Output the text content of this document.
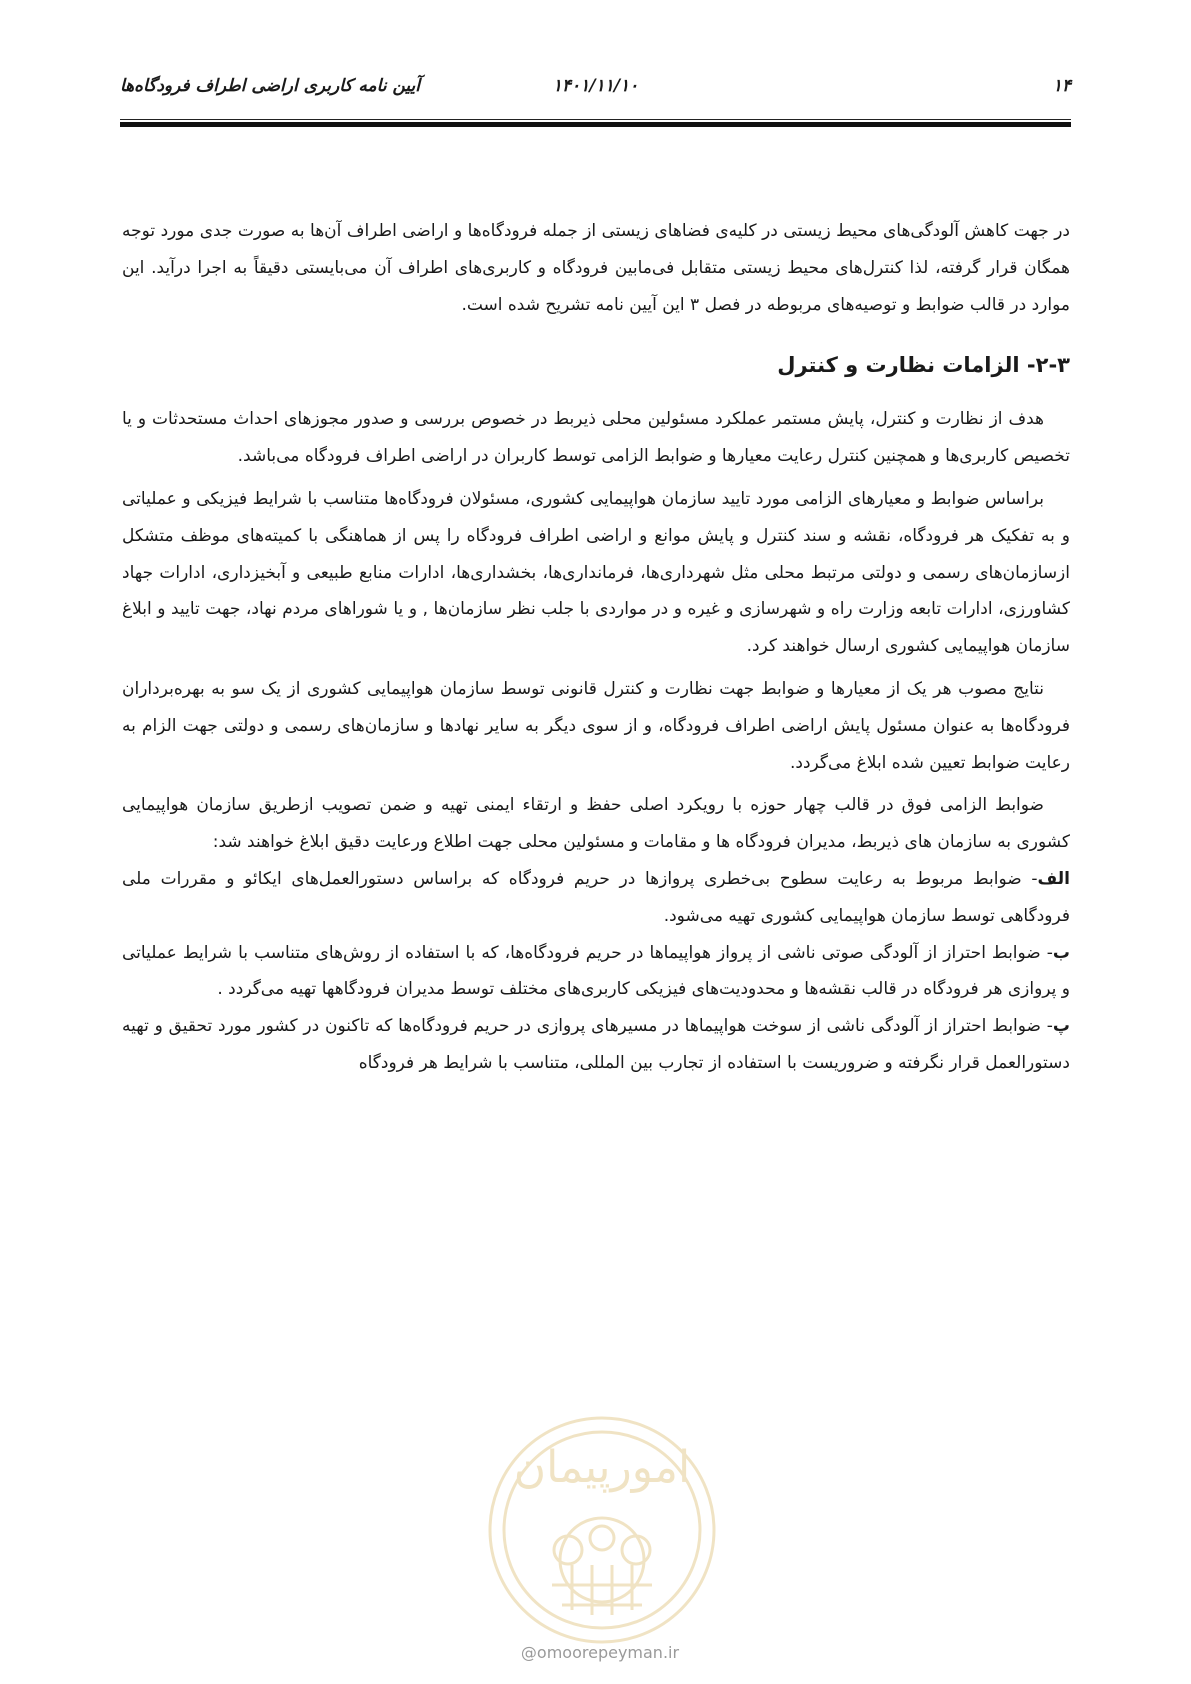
۱۴
۱۴۰۱/۱۱/۱۰
آیین نامه کاربری اراضی اطراف فرودگاه‌ها

در جهت کاهش آلودگی‌های محیط زیستی در کلیه‌ی فضاهای زیستی از جمله فرودگاه‌ها و اراضی اطراف آن‌ها به صورت جدی مورد توجه همگان قرار گرفته، لذا کنترل‌های محیط زیستی متقابل فی‌مابین فرودگاه و کاربری‌های اطراف آن می‌بایستی دقیقاً به اجرا درآید. این موارد در قالب ضوابط و توصیه‌های مربوطه در فصل ۳ این آیین نامه تشریح شده است.

۲-۳- الزامات نظارت و کنترل

هدف از نظارت و کنترل، پایش مستمر عملکرد مسئولین محلی ذیربط در خصوص بررسی و صدور مجوزهای احداث مستحدثات و یا تخصیص کاربری‌ها و همچنین کنترل رعایت معیارها و ضوابط الزامی توسط کاربران در اراضی اطراف فرودگاه می‌باشد.

براساس ضوابط و معیارهای الزامی مورد تایید سازمان هواپیمایی کشوری، مسئولان فرودگاه‌ها متناسب با شرایط فیزیکی و عملیاتی و به تفکیک هر فرودگاه، نقشه و سند کنترل و پایش موانع و اراضی اطراف فرودگاه را پس از هماهنگی با کمیته‌های موظف متشکل ازسازمان‌های رسمی و دولتی مرتبط محلی مثل شهرداری‌ها، فرمانداری‌ها، بخشداری‌ها، ادارات منابع طبیعی و آبخیزداری، ادارات جهاد کشاورزی، ادارات تابعه وزارت راه و شهرسازی و غیره و در مواردی با جلب نظر سازمان‌ها , و یا شوراهای مردم نهاد، جهت تایید و ابلاغ سازمان هواپیمایی کشوری ارسال خواهند کرد.

نتایج مصوب هر یک از معیارها و ضوابط جهت نظارت و کنترل قانونی توسط سازمان هواپیمایی کشوری از یک سو به بهره‌برداران فرودگاه‌ها به عنوان مسئول پایش اراضی اطراف فرودگاه، و از سوی دیگر به سایر نهادها و سازمان‌های رسمی و دولتی جهت الزام به رعایت ضوابط تعیین شده ابلاغ می‌گردد.

ضوابط الزامی فوق در قالب چهار حوزه با رویکرد اصلی حفظ و ارتقاء ایمنی تهیه و ضمن تصویب ازطریق سازمان هواپیمایی کشوری به سازمان های ذیربط، مدیران فرودگاه ها و مقامات و مسئولین محلی جهت اطلاع ورعایت دقیق ابلاغ خواهند شد:

الف- ضوابط مربوط به رعایت سطوح بی‌خطری پروازها در حریم فرودگاه که براساس دستورالعمل‌های ایکائو و مقررات ملی فرودگاهی توسط سازمان هواپیمایی کشوری تهیه می‌شود.

ب- ضوابط احتراز از آلودگی صوتی ناشی از پرواز هواپیماها در حریم فرودگاه‌ها، که با استفاده از روش‌های متناسب با شرایط عملیاتی و پروازی هر فرودگاه در قالب نقشه‌ها و محدودیت‌های فیزیکی کاربری‌های مختلف توسط مدیران فرودگاهها تهیه می‌گردد .

پ- ضوابط احتراز از آلودگی ناشی از سوخت هواپیماها در مسیرهای پروازی در حریم فرودگاه‌ها که تاکنون در کشور مورد تحقیق و تهیه دستورالعمل قرار نگرفته و ضروریست با استفاده از تجارب بین المللی، متناسب با شرایط هر فرودگاه

امورپیمان
@omoorepeyman.ir
